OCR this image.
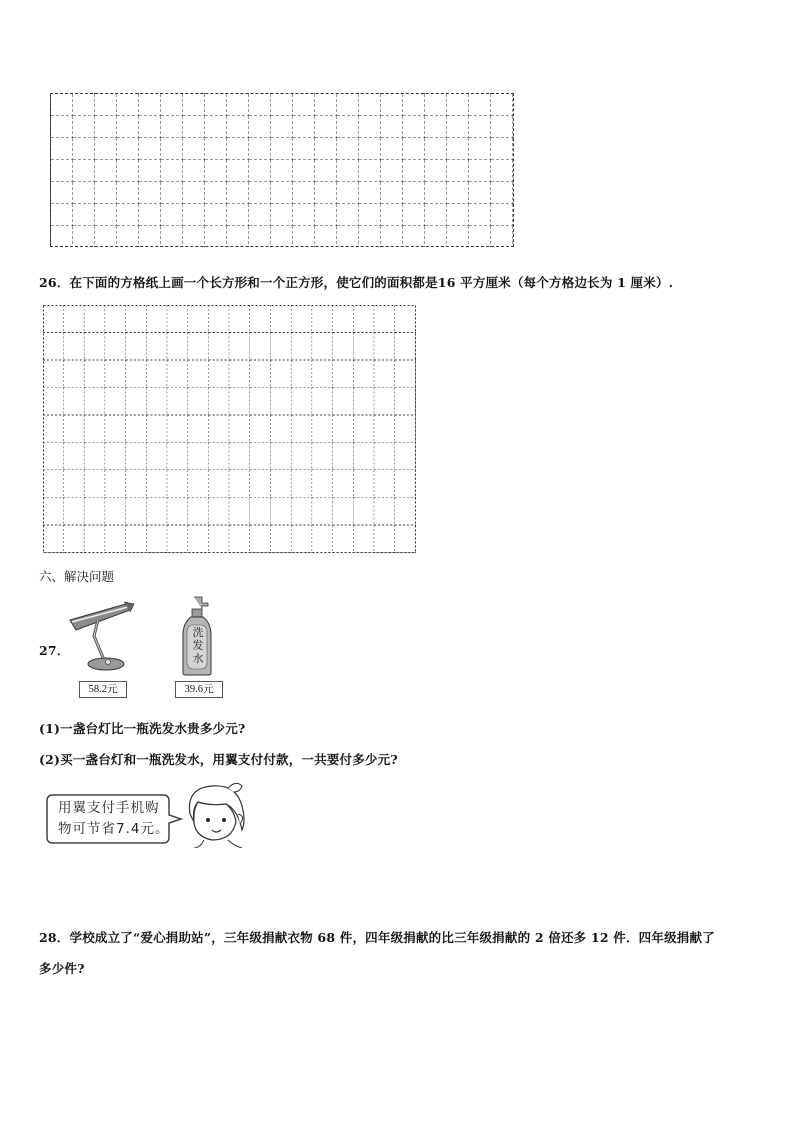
26．在下面的方格纸上画一个长方形和一个正方形，使它们的面积都是16 平方厘米（每个方格边长为 1 厘米）.
六、解决问题
27．
58.2元
洗
发
水
39.6元
(1)一盏台灯比一瓶洗发水贵多少元?
(2)买一盏台灯和一瓶洗发水，用翼支付付款，一共要付多少元?
用翼支付手机购
物可节省7.4元。
28．学校成立了“爱心捐助站”，三年级捐献衣物 68 件，四年级捐献的比三年级捐献的 2 倍还多 12 件．四年级捐献了
多少件?
